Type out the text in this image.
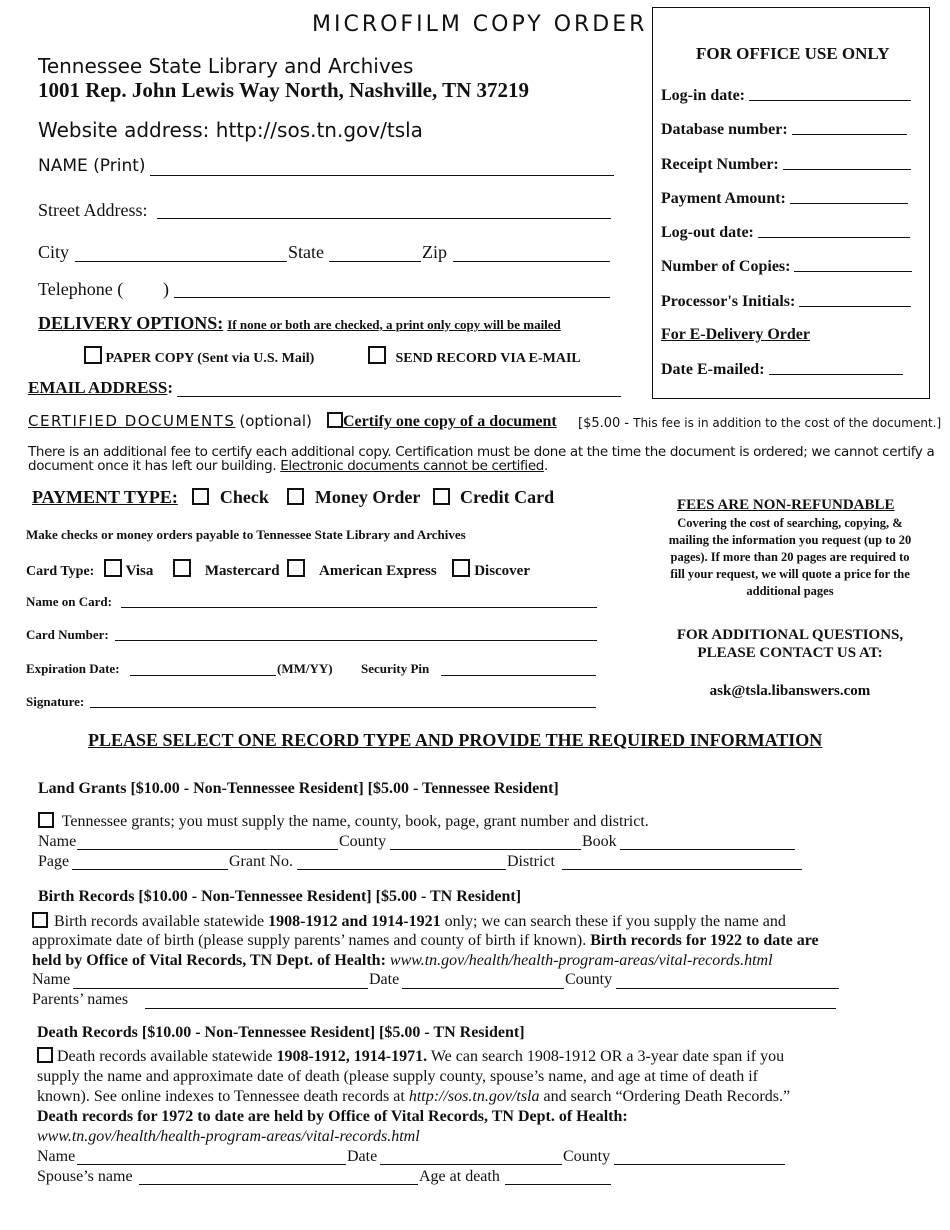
MICROFILM COPY ORDER
Tennessee State Library and Archives
1001 Rep. John Lewis Way North, Nashville, TN 37219
Website address: http://sos.tn.gov/tsla
FOR OFFICE USE ONLY
Log-in date:
Database number:
Receipt Number:
Payment Amount:
Log-out date:
Number of Copies:
Processor's Initials:
For E-Delivery Order
Date E-mailed:
NAME (Print)
Street Address:
City	State	Zip
Telephone ( )
DELIVERY OPTIONS: If none or both are checked, a print only copy will be mailed
PAPER COPY (Sent via U.S. Mail)	SEND RECORD VIA E-MAIL
EMAIL ADDRESS:
CERTIFIED DOCUMENTS (optional)	Certify one copy of a document [$5.00 - This fee is in addition to the cost of the document.]
There is an additional fee to certify each additional copy. Certification must be done at the time the document is ordered; we cannot certify a
document once it has left our building. Electronic documents cannot be certified.
PAYMENT TYPE: Check	Money Order Credit Card
Make checks or money orders payable to Tennessee State Library and Archives
Card Type: Visa	Mastercard	American Express	Discover
Name on Card:
Card Number:
Expiration Date:	(MM/YY) Security Pin
Signature:
FEES ARE NON-REFUNDABLE
Covering the cost of searching, copying, &
mailing the information you request (up to 20
pages). If more than 20 pages are required to
fill your request, we will quote a price for the
additional pages
FOR ADDITIONAL QUESTIONS,
PLEASE CONTACT US AT:
ask@tsla.libanswers.com
PLEASE SELECT ONE RECORD TYPE AND PROVIDE THE REQUIRED INFORMATION
Land Grants [$10.00 - Non-Tennessee Resident] [$5.00 - Tennessee Resident]
Tennessee grants; you must supply the name, county, book, page, grant number and district.
Name	County	Book
Page	Grant No.	District
Birth Records [$10.00 - Non-Tennessee Resident] [$5.00 - TN Resident]
Birth records available statewide 1908-1912 and 1914-1921 only; we can search these if you supply the name and
approximate date of birth (please supply parents’ names and county of birth if known). Birth records for 1922 to date are
held by Office of Vital Records, TN Dept. of Health: www.tn.gov/health/health-program-areas/vital-records.html
Name	Date	County
Parents’ names
Death Records [$10.00 - Non-Tennessee Resident] [$5.00 - TN Resident]
Death records available statewide 1908-1912, 1914-1971. We can search 1908-1912 OR a 3-year date span if you
supply the name and approximate date of death (please supply county, spouse’s name, and age at time of death if
known). See online indexes to Tennessee death records at http://sos.tn.gov/tsla and search “Ordering Death Records.”
Death records for 1972 to date are held by Office of Vital Records, TN Dept. of Health:
www.tn.gov/health/health-program-areas/vital-records.html
Name	Date	County
Spouse’s name	Age at death
